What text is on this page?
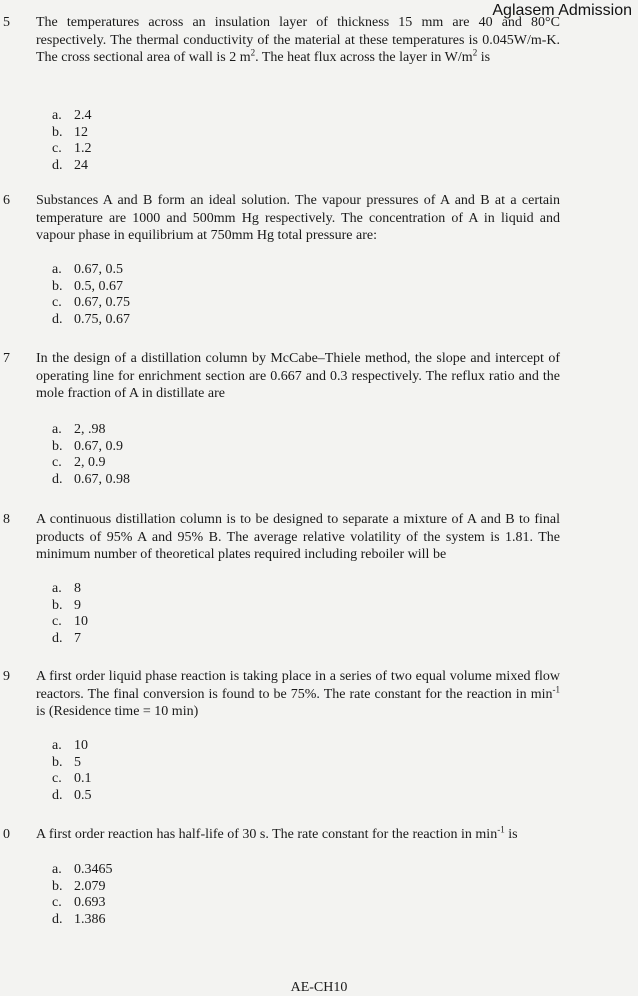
Aglasem Admission
5 The temperatures across an insulation layer of thickness 15 mm are 40 and 80°C respectively. The thermal conductivity of the material at these temperatures is 0.045W/m-K. The cross sectional area of wall is 2 $m^2$. The heat flux across the layer in $W/m^2$ is
a. 2.4
b. 12
c. 1.2
d. 24
6 Substances A and B form an ideal solution. The vapour pressures of A and B at a certain temperature are 1000 and 500mm Hg respectively. The concentration of A in liquid and vapour phase in equilibrium at 750mm Hg total pressure are:
a. 0.67, 0.5
b. 0.5, 0.67
c. 0.67, 0.75
d. 0.75, 0.67
7 In the design of a distillation column by McCabe–Thiele method, the slope and intercept of operating line for enrichment section are 0.667 and 0.3 respectively. The reflux ratio and the mole fraction of A in distillate are
a. 2, .98
b. 0.67, 0.9
c. 2, 0.9
d. 0.67, 0.98
8 A continuous distillation column is to be designed to separate a mixture of A and B to final products of 95% A and 95% B. The average relative volatility of the system is 1.81. The minimum number of theoretical plates required including reboiler will be
a. 8
b. 9
c. 10
d. 7
9 A first order liquid phase reaction is taking place in a series of two equal volume mixed flow reactors. The final conversion is found to be 75%. The rate constant for the reaction in $\min^{-1}$ is (Residence time = 10 min)
a. 10
b. 5
c. 0.1
d. 0.5
0 A first order reaction has half-life of 30 s. The rate constant for the reaction in $\min^{-1}$ is
a. 0.3465
b. 2.079
c. 0.693
d. 1.386
AE-CH10
